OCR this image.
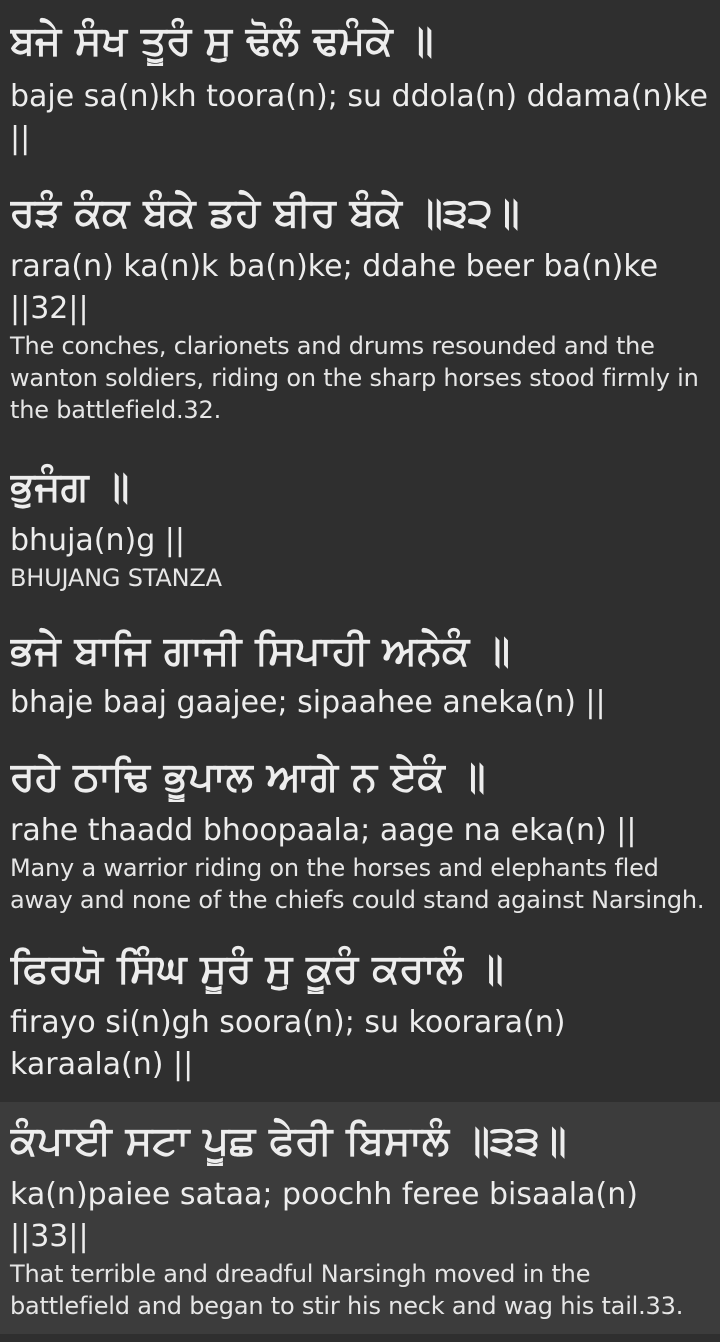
ਬਜੇ ਸੰਖ ਤੂਰੰ ਸੁ ਢੋਲੰ ਢਮੰਕੇ ॥
baje sa(n)kh toora(n); su ddola(n) ddama(n)ke ||
ਰੜੰ ਕੰਕ ਬੰਕੇ ਡਹੇ ਬੀਰ ਬੰਕੇ ॥੩੨॥
rara(n) ka(n)k ba(n)ke; ddahe beer ba(n)ke ||32||
The conches, clarionets and drums resounded and the wanton soldiers, riding on the sharp horses stood firmly in the battlefield.32.
ਭੁਜੰਗ ॥
bhuja(n)g ||
BHUJANG STANZA
ਭਜੇ ਬਾਜਿ ਗਾਜੀ ਸਿਪਾਹੀ ਅਨੇਕੰ ॥
bhaje baaj gaajee; sipaahee aneka(n) ||
ਰਹੇ ਠਾਢਿ ਭੂਪਾਲ ਆਗੇ ਨ ਏਕੰ ॥
rahe thaadd bhoopaala; aage na eka(n) ||
Many a warrior riding on the horses and elephants fled away and none of the chiefs could stand against Narsingh.
ਫਿਰਯੋ ਸਿੰਘ ਸੂਰੰ ਸੁ ਕੂਰੰ ਕਰਾਲੰ ॥
firayo si(n)gh soora(n); su koorara(n) karaala(n) ||
ਕੰਪਾਈ ਸਟਾ ਪੂਛ ਫੇਰੀ ਬਿਸਾਲੰ ॥੩੩॥
ka(n)paiee sataa; poochh feree bisaala(n) ||33||
That terrible and dreadful Narsingh moved in the battlefield and began to stir his neck and wag his tail.33.
